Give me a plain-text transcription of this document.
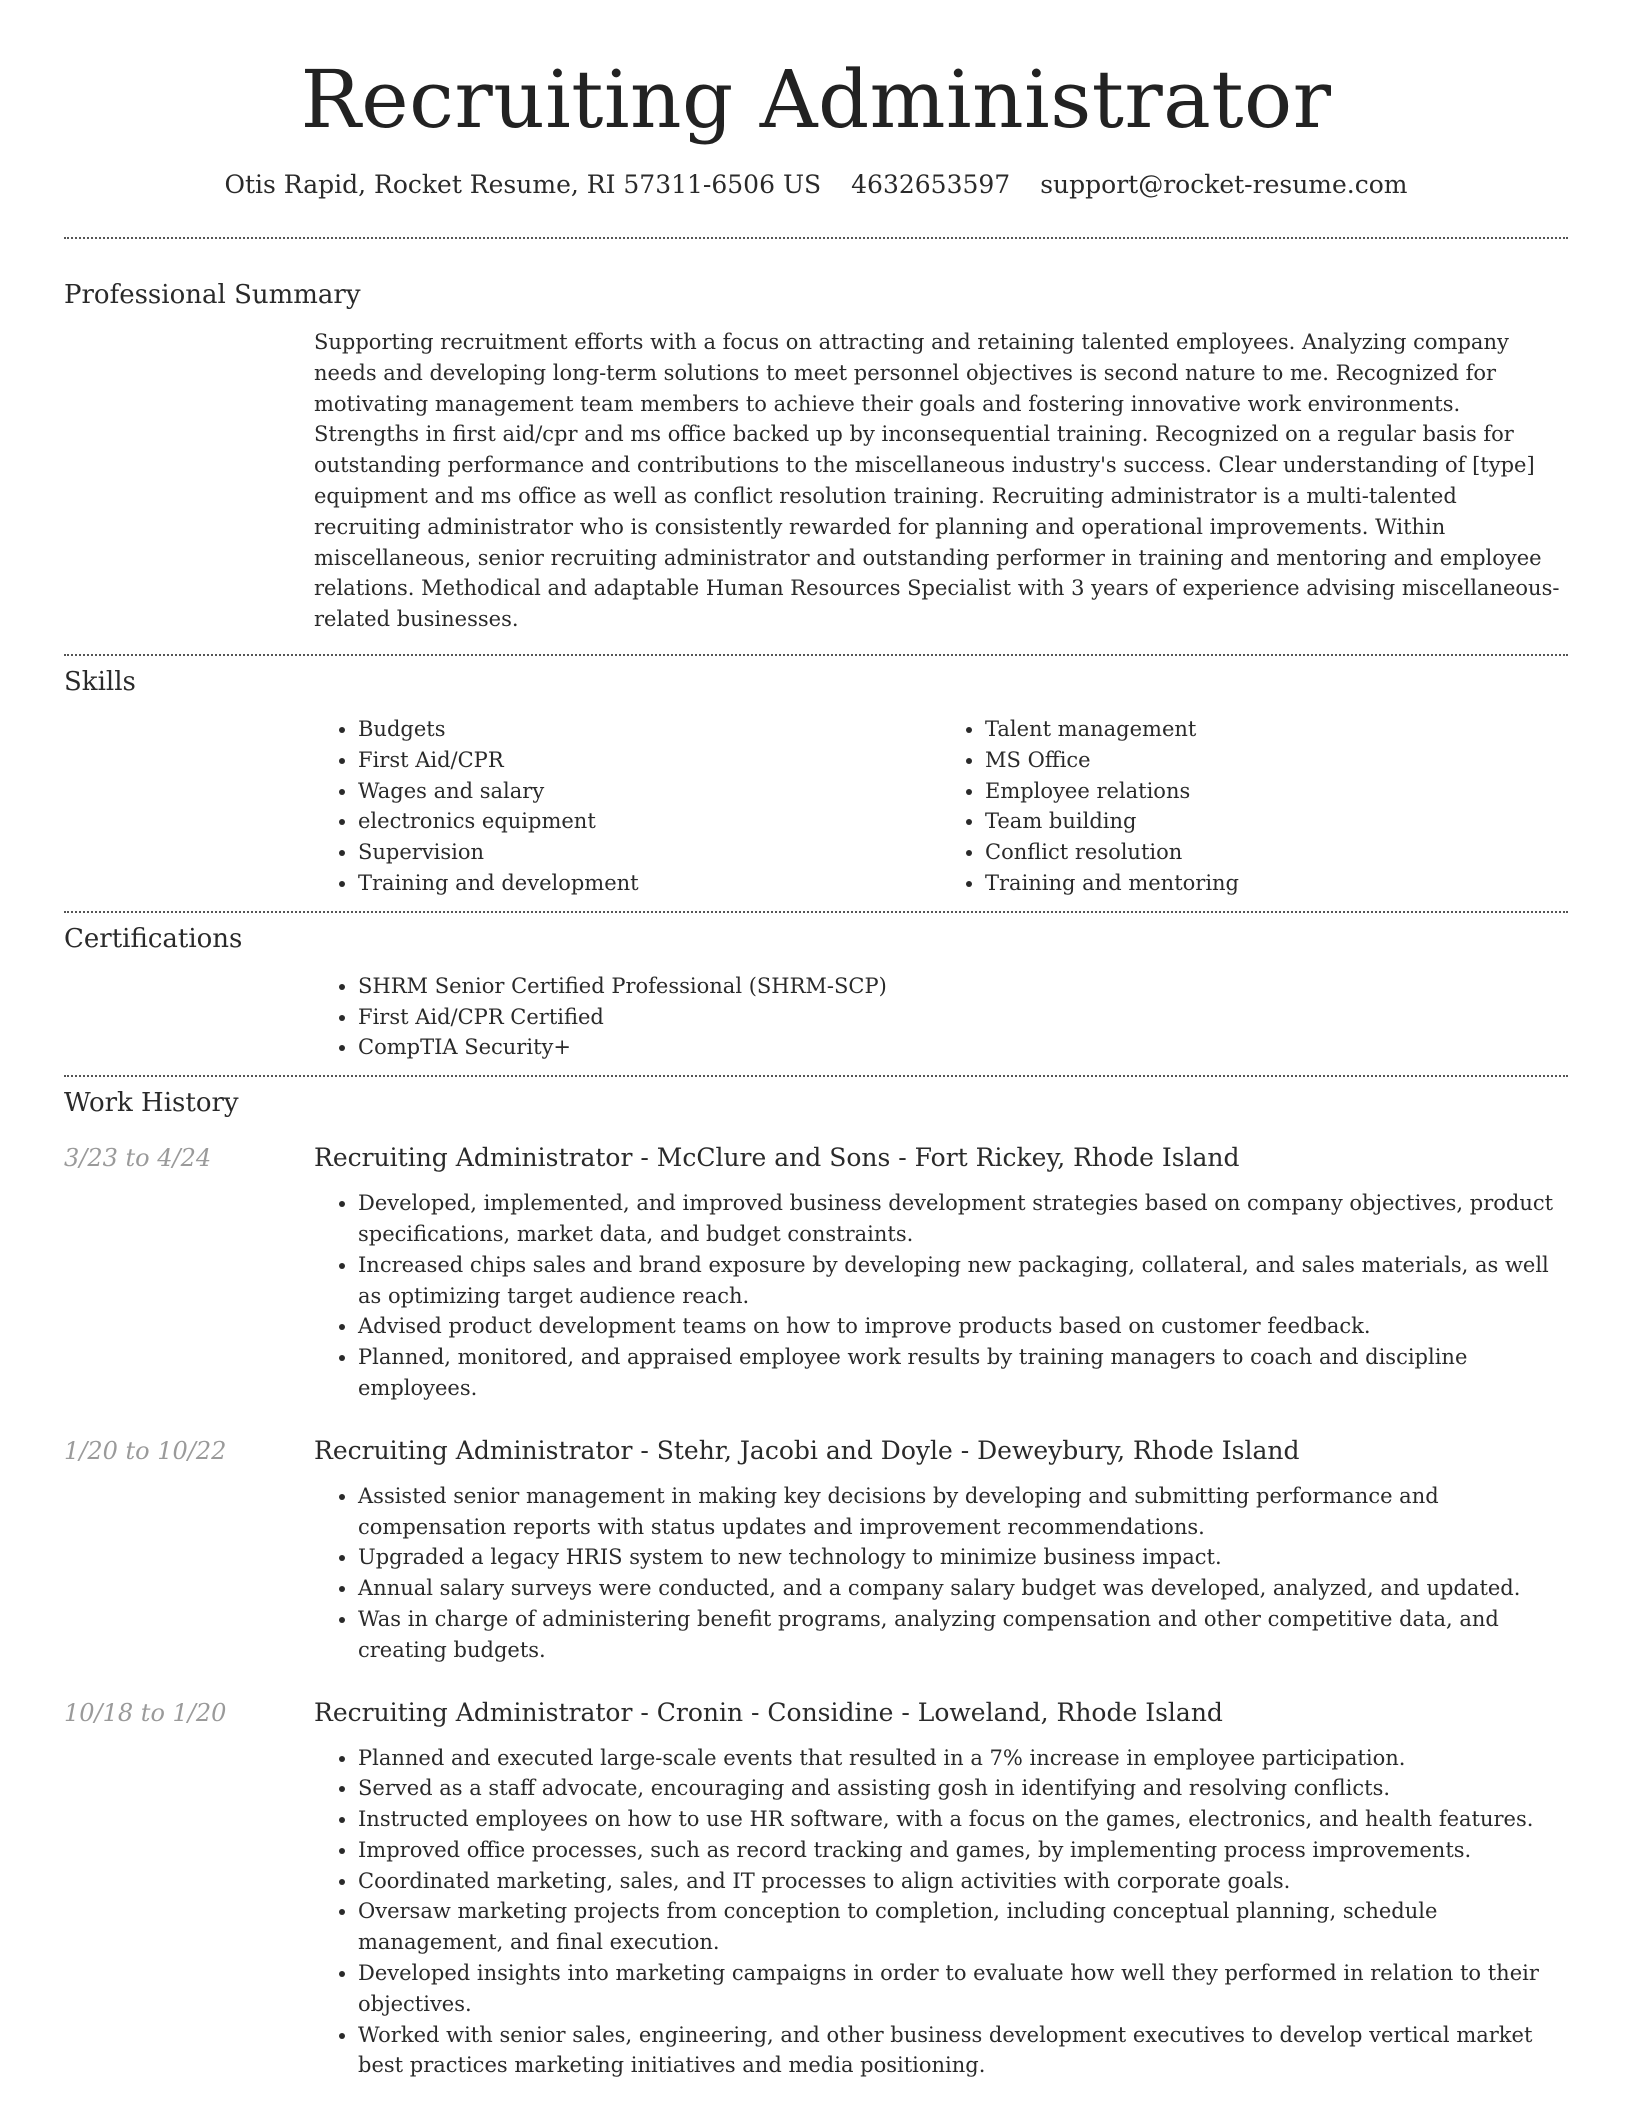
Recruiting Administrator
Otis Rapid, Rocket Resume, RI 57311-6506 US 4632653597 support@rocket-resume.com
Professional Summary
Supporting recruitment efforts with a focus on attracting and retaining talented employees. Analyzing company needs and developing long-term solutions to meet personnel objectives is second nature to me. Recognized for motivating management team members to achieve their goals and fostering innovative work environments. Strengths in first aid/cpr and ms office backed up by inconsequential training. Recognized on a regular basis for outstanding performance and contributions to the miscellaneous industry's success. Clear understanding of [type] equipment and ms office as well as conflict resolution training. Recruiting administrator is a multi-talented recruiting administrator who is consistently rewarded for planning and operational improvements. Within miscellaneous, senior recruiting administrator and outstanding performer in training and mentoring and employee relations. Methodical and adaptable Human Resources Specialist with 3 years of experience advising miscellaneous-related businesses.
Skills
• Budgets
• First Aid/CPR
• Wages and salary
• electronics equipment
• Supervision
• Training and development
• Talent management
• MS Office
• Employee relations
• Team building
• Conflict resolution
• Training and mentoring
Certifications
• SHRM Senior Certified Professional (SHRM-SCP)
• First Aid/CPR Certified
• CompTIA Security+
Work History
3/23 to 4/24	Recruiting Administrator - McClure and Sons - Fort Rickey, Rhode Island
• Developed, implemented, and improved business development strategies based on company objectives, product specifications, market data, and budget constraints.
• Increased chips sales and brand exposure by developing new packaging, collateral, and sales materials, as well as optimizing target audience reach.
• Advised product development teams on how to improve products based on customer feedback.
• Planned, monitored, and appraised employee work results by training managers to coach and discipline employees.
1/20 to 10/22	Recruiting Administrator - Stehr, Jacobi and Doyle - Deweybury, Rhode Island
• Assisted senior management in making key decisions by developing and submitting performance and compensation reports with status updates and improvement recommendations.
• Upgraded a legacy HRIS system to new technology to minimize business impact.
• Annual salary surveys were conducted, and a company salary budget was developed, analyzed, and updated.
• Was in charge of administering benefit programs, analyzing compensation and other competitive data, and creating budgets.
10/18 to 1/20	Recruiting Administrator - Cronin - Considine - Loweland, Rhode Island
• Planned and executed large-scale events that resulted in a 7% increase in employee participation.
• Served as a staff advocate, encouraging and assisting gosh in identifying and resolving conflicts.
• Instructed employees on how to use HR software, with a focus on the games, electronics, and health features.
• Improved office processes, such as record tracking and games, by implementing process improvements.
• Coordinated marketing, sales, and IT processes to align activities with corporate goals.
• Oversaw marketing projects from conception to completion, including conceptual planning, schedule management, and final execution.
• Developed insights into marketing campaigns in order to evaluate how well they performed in relation to their objectives.
• Worked with senior sales, engineering, and other business development executives to develop vertical market best practices marketing initiatives and media positioning.
